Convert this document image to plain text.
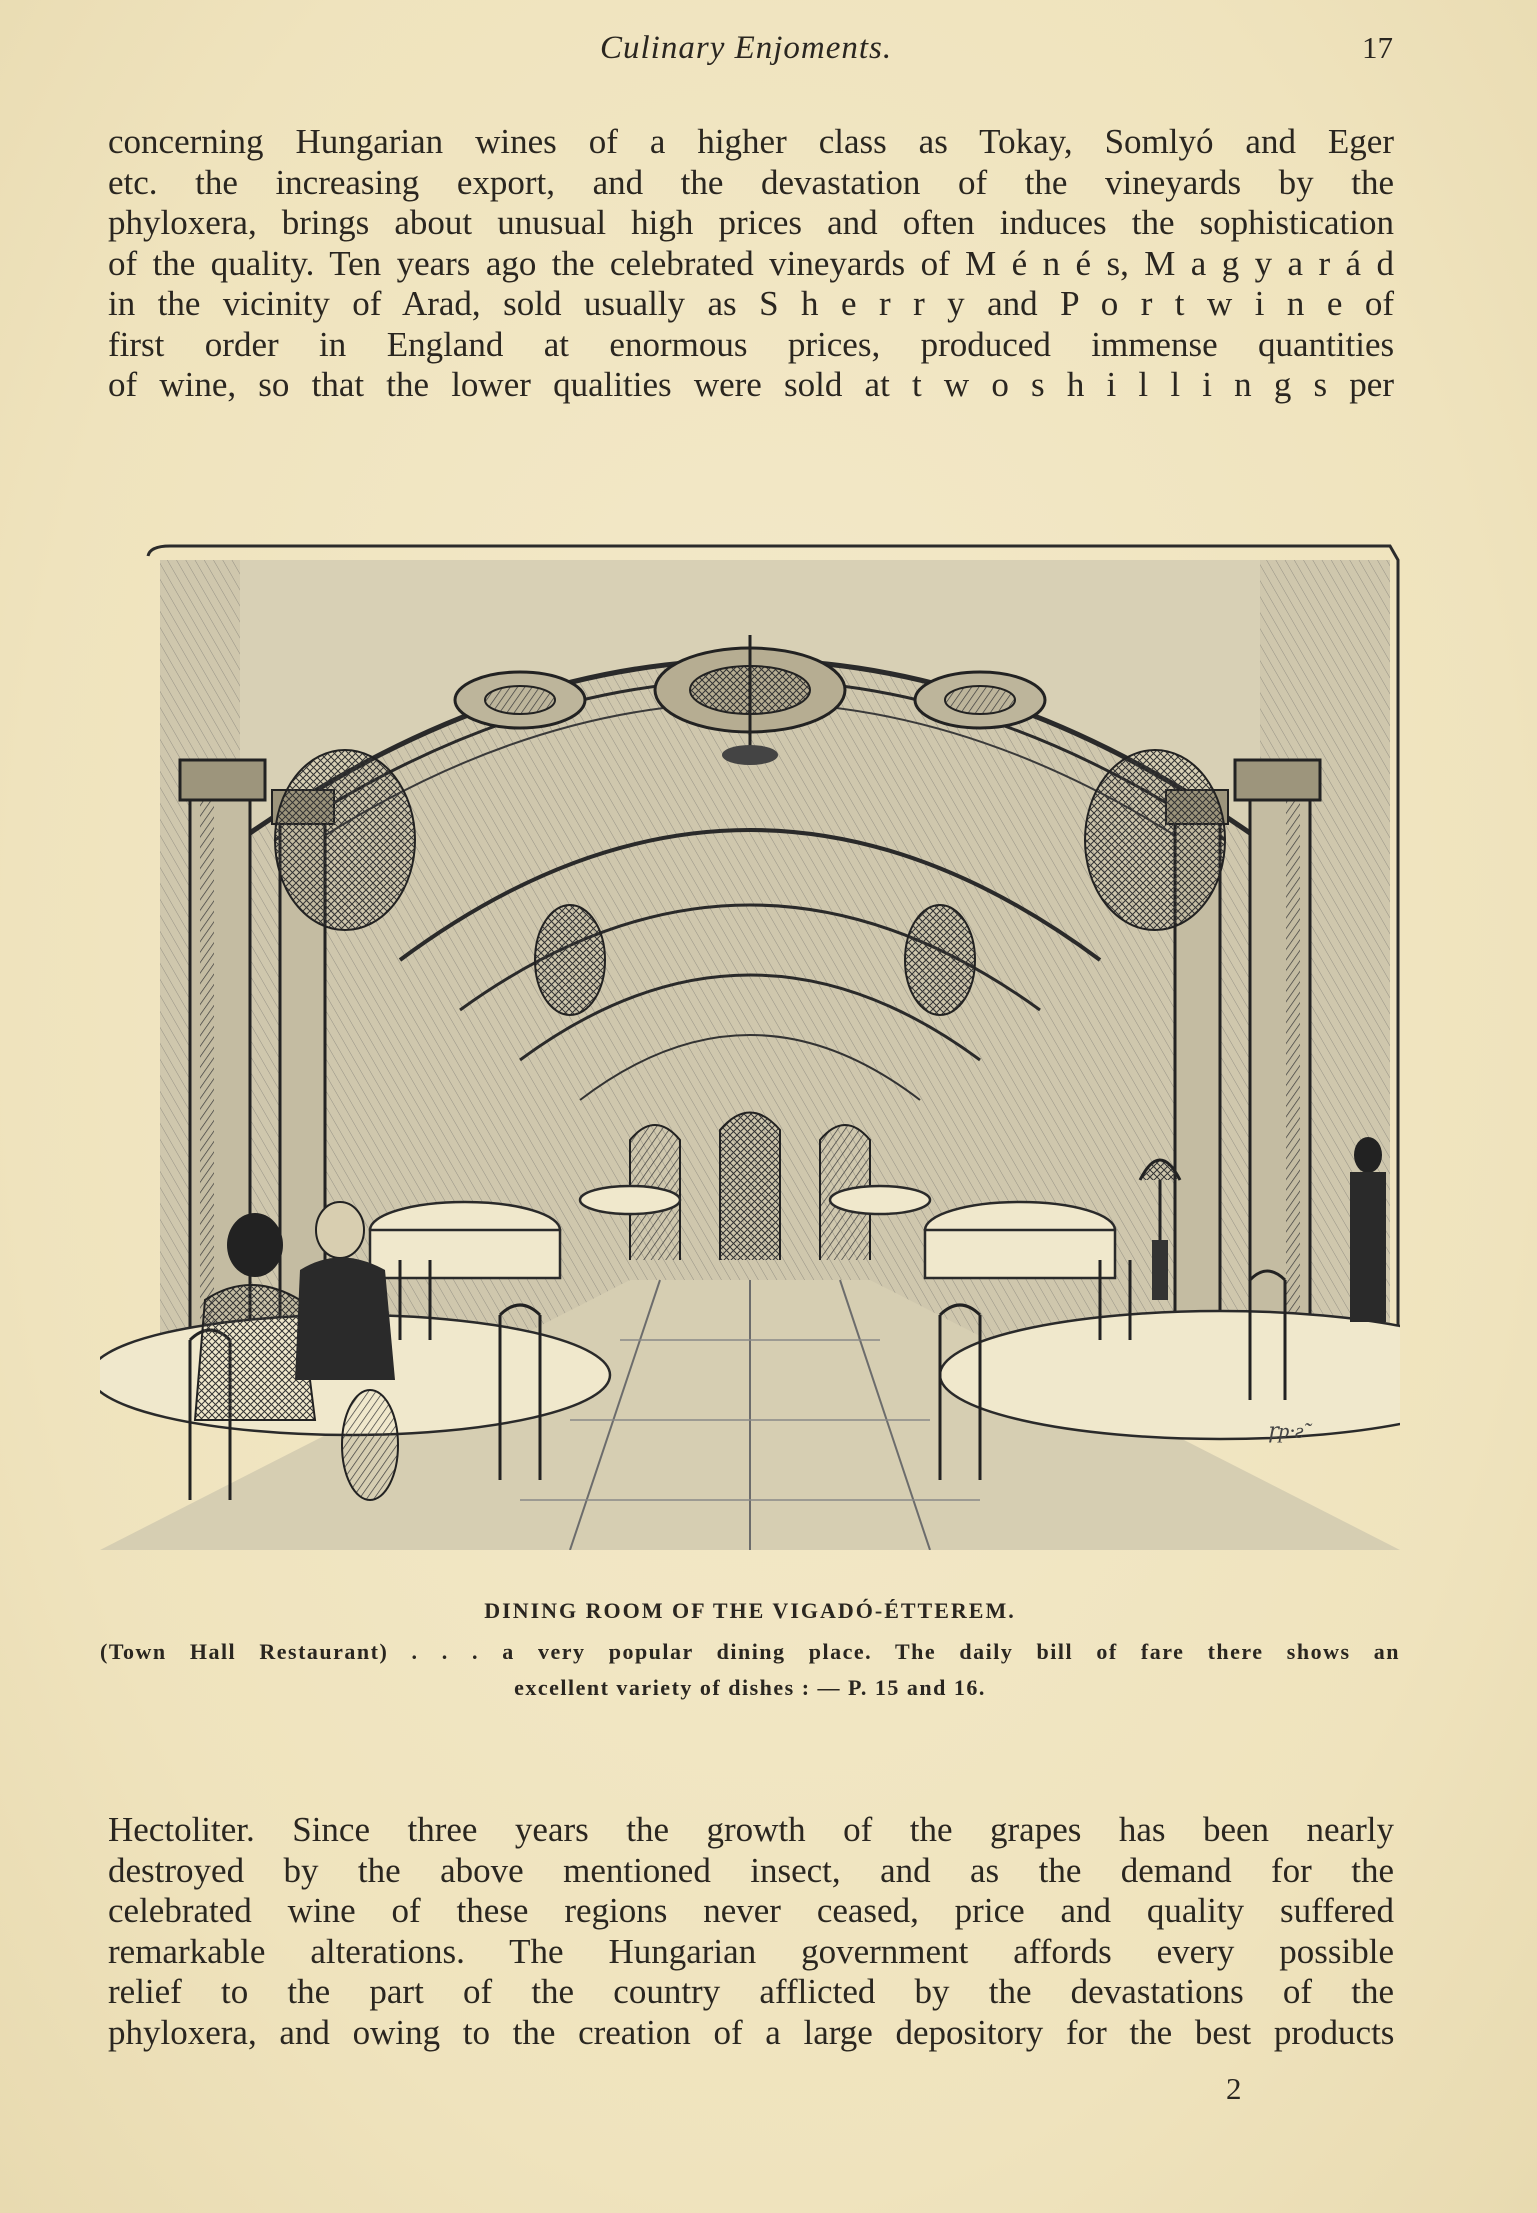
Culinary Enjoments.	17
concerning Hungarian wines of a higher class as Tokay, Somlyó and Eger
etc. the increasing export, and the devastation of the vineyards by the
phyloxera, brings about unusual high prices and often induces the sophistication
of the quality. Ten years ago the celebrated vineyards of M é n é s, M a g y a r á d
in the vicinity of Arad, sold usually as S h e r r y and P o r t w i n e of
first order in England at enormous prices, produced immense quantities
of wine, so that the lower qualities were sold at t w o s h i l l i n g s per
ꝼp·ƨ˜
DINING ROOM OF THE VIGADÓ-ÉTTEREM.
(Town Hall Restaurant) . . . a very popular dining place. The daily bill of fare there shows an
excellent variety of dishes : — P. 15 and 16.
Hectoliter. Since three years the growth of the grapes has been nearly
destroyed by the above mentioned insect, and as the demand for the
celebrated wine of these regions never ceased, price and quality suffered
remarkable alterations. The Hungarian government affords every possible
relief to the part of the country afflicted by the devastations of the
phyloxera, and owing to the creation of a large depository for the best products
2
